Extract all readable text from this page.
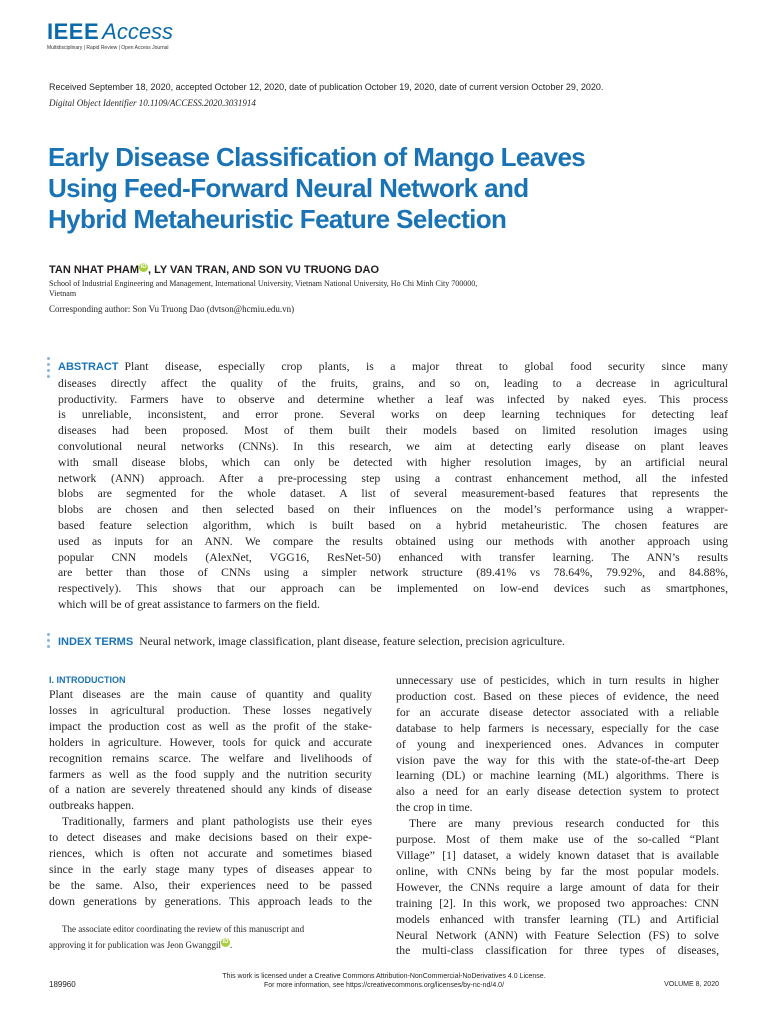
IEEE Access
Multidisciplinary | Rapid Review | Open Access Journal
Received September 18, 2020, accepted October 12, 2020, date of publication October 19, 2020, date of current version October 29, 2020.
Digital Object Identifier 10.1109/ACCESS.2020.3031914
Early Disease Classification of Mango Leaves
Using Feed-Forward Neural Network and
Hybrid Metaheuristic Feature Selection
TAN NHAT PHAM iD , LY VAN TRAN, AND SON VU TRUONG DAO
School of Industrial Engineering and Management, International University, Vietnam National University, Ho Chi Minh City 700000,
Vietnam
Corresponding author: Son Vu Truong Dao (dvtson@hcmiu.edu.vn)
ABSTRACT Plant disease, especially crop plants, is a major threat to global food security since many
diseases directly affect the quality of the fruits, grains, and so on, leading to a decrease in agricultural
productivity. Farmers have to observe and determine whether a leaf was infected by naked eyes. This process
is unreliable, inconsistent, and error prone. Several works on deep learning techniques for detecting leaf
diseases had been proposed. Most of them built their models based on limited resolution images using
convolutional neural networks (CNNs). In this research, we aim at detecting early disease on plant leaves
with small disease blobs, which can only be detected with higher resolution images, by an artificial neural
network (ANN) approach. After a pre-processing step using a contrast enhancement method, all the infested
blobs are segmented for the whole dataset. A list of several measurement-based features that represents the
blobs are chosen and then selected based on their influences on the model’s performance using a wrapper-
based feature selection algorithm, which is built based on a hybrid metaheuristic. The chosen features are
used as inputs for an ANN. We compare the results obtained using our methods with another approach using
popular CNN models (AlexNet, VGG16, ResNet-50) enhanced with transfer learning. The ANN’s results
are better than those of CNNs using a simpler network structure (89.41% vs 78.64%, 79.92%, and 84.88%,
respectively). This shows that our approach can be implemented on low-end devices such as smartphones,
which will be of great assistance to farmers on the field.
INDEX TERMS Neural network, image classification, plant disease, feature selection, precision agriculture.
I. INTRODUCTION
Plant diseases are the main cause of quantity and quality
losses in agricultural production. These losses negatively
impact the production cost as well as the profit of the stake-
holders in agriculture. However, tools for quick and accurate
recognition remains scarce. The welfare and livelihoods of
farmers as well as the food supply and the nutrition security
of a nation are severely threatened should any kinds of disease
outbreaks happen.
Traditionally, farmers and plant pathologists use their eyes
to detect diseases and make decisions based on their expe-
riences, which is often not accurate and sometimes biased
since in the early stage many types of diseases appear to
be the same. Also, their experiences need to be passed
down generations by generations. This approach leads to the
The associate editor coordinating the review of this manuscript and
approving it for publication was Jeon Gwanggil iD .
unnecessary use of pesticides, which in turn results in higher
production cost. Based on these pieces of evidence, the need
for an accurate disease detector associated with a reliable
database to help farmers is necessary, especially for the case
of young and inexperienced ones. Advances in computer
vision pave the way for this with the state-of-the-art Deep
learning (DL) or machine learning (ML) algorithms. There is
also a need for an early disease detection system to protect
the crop in time.
There are many previous research conducted for this
purpose. Most of them make use of the so-called “Plant
Village” [1] dataset, a widely known dataset that is available
online, with CNNs being by far the most popular models.
However, the CNNs require a large amount of data for their
training [2]. In this work, we proposed two approaches: CNN
models enhanced with transfer learning (TL) and Artificial
Neural Network (ANN) with Feature Selection (FS) to solve
the multi-class classification for three types of diseases,
This work is licensed under a Creative Commons Attribution-NonCommercial-NoDerivatives 4.0 License.
For more information, see https://creativecommons.org/licenses/by-nc-nd/4.0/
189960	VOLUME 8, 2020
